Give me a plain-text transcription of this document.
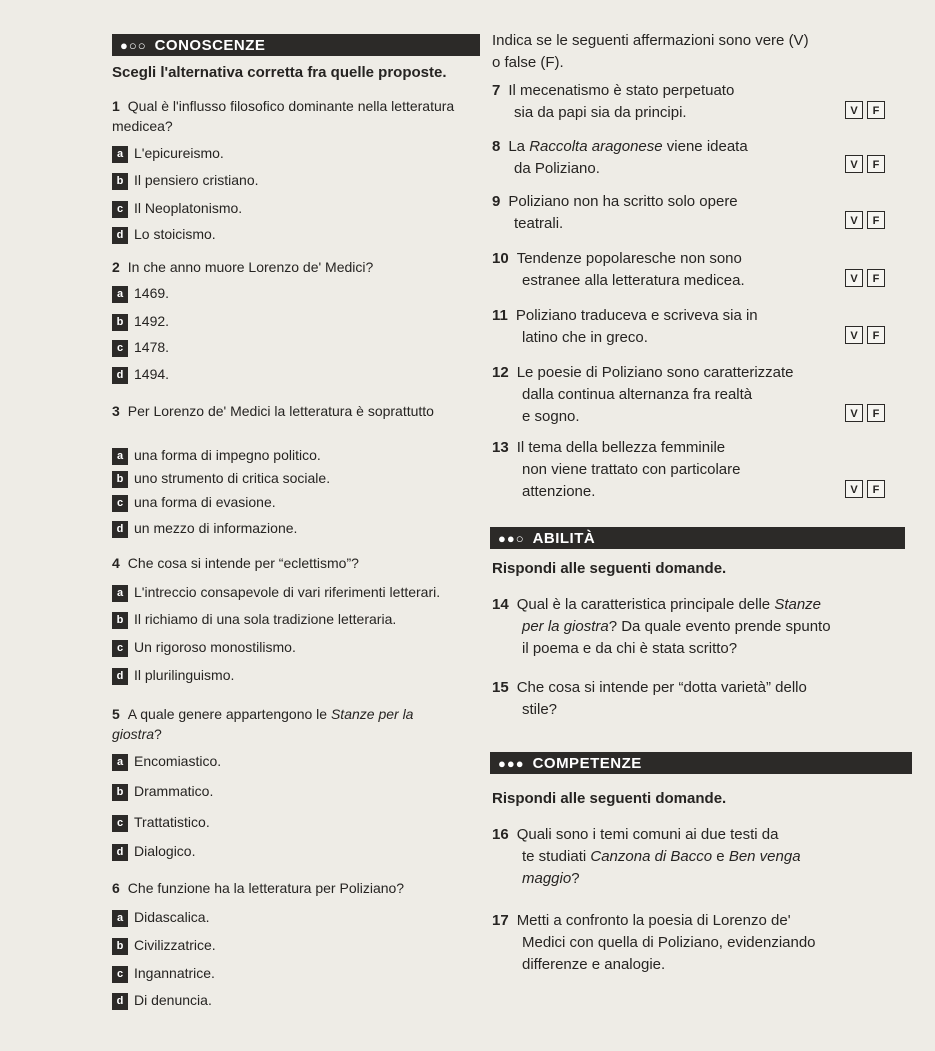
●○○ CONOSCENZE
Scegli l'alternativa corretta fra quelle proposte.
1 Qual è l'influsso filosofico dominante nella letteratura medicea?
a L'epicureismo.
b Il pensiero cristiano.
c Il Neoplatonismo.
d Lo stoicismo.
2 In che anno muore Lorenzo de' Medici?
a 1469.
b 1492.
c 1478.
d 1494.
3 Per Lorenzo de' Medici la letteratura è soprattutto
a una forma di impegno politico.
b uno strumento di critica sociale.
c una forma di evasione.
d un mezzo di informazione.
4 Che cosa si intende per “eclettismo”?
a L'intreccio consapevole di vari riferimenti letterari.
b Il richiamo di una sola tradizione letteraria.
c Un rigoroso monostilismo.
d Il plurilinguismo.
5 A quale genere appartengono le Stanze per la giostra?
a Encomiastico.
b Drammatico.
c Trattatistico.
d Dialogico.
6 Che funzione ha la letteratura per Poliziano?
a Didascalica.
b Civilizzatrice.
c Ingannatrice.
d Di denuncia.
Indica se le seguenti affermazioni sono vere (V)
o false (F).
7 Il mecenatismo è stato perpetuato
sia da papi sia da principi.	V	F
8 La Raccolta aragonese viene ideata
da Poliziano.	V	F
9 Poliziano non ha scritto solo opere
teatrali.	V	F
10 Tendenze popolaresche non sono
estranee alla letteratura medicea.	V	F
11 Poliziano traduceva e scriveva sia in
latino che in greco.	V	F
12 Le poesie di Poliziano sono caratterizzate
dalla continua alternanza fra realtà
e sogno.	V	F
13 Il tema della bellezza femminile
non viene trattato con particolare
attenzione.	V	F
●●○ ABILITÀ
Rispondi alle seguenti domande.
14 Qual è la caratteristica principale delle Stanze
per la giostra? Da quale evento prende spunto
il poema e da chi è stata scritto?
15 Che cosa si intende per “dotta varietà” dello
stile?
●●● COMPETENZE
Rispondi alle seguenti domande.
16 Quali sono i temi comuni ai due testi da
te studiati Canzona di Bacco e Ben venga
maggio?
17 Metti a confronto la poesia di Lorenzo de'
Medici con quella di Poliziano, evidenziando
differenze e analogie.
